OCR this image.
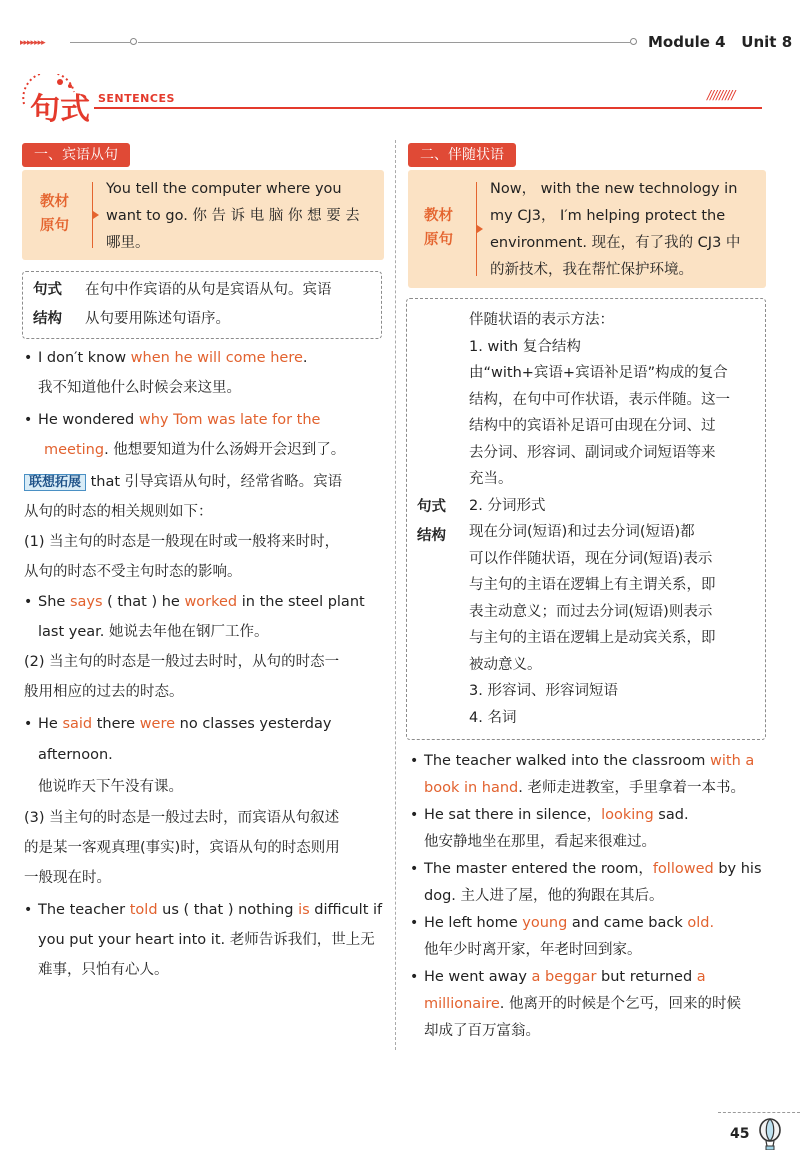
▸▸▸▸▸▸▸	Module 4 Unit 8
句式 SENTENCES	/////////
一、宾语从句
教材
原句
You tell the computer where you
want to go. 你 告 诉 电 脑 你 想 要 去
哪里。
句式
结构
在句中作宾语的从句是宾语从句。宾语
从句要用陈述句语序。
• I don′t know when he will come here.
我不知道他什么时候会来这里。
• He wondered why Tom was late for the
meeting. 他想要知道为什么汤姆开会迟到了。
联想拓展 that 引导宾语从句时，经常省略。宾语
从句的时态的相关规则如下：
(1) 当主句的时态是一般现在时或一般将来时时，
从句的时态不受主句时态的影响。
• She says ( that ) he worked in the steel plant
last year. 她说去年他在钢厂工作。
(2) 当主句的时态是一般过去时时，从句的时态一
般用相应的过去的时态。
• He said there were no classes yesterday
afternoon.
他说昨天下午没有课。
(3) 当主句的时态是一般过去时，而宾语从句叙述
的是某一客观真理(事实)时，宾语从句的时态则用
一般现在时。
• The teacher told us ( that ) nothing is difficult if
you put your heart into it. 老师告诉我们，世上无
难事，只怕有心人。
二、伴随状语
教材
原句
Now， with the new technology in
my CJ3， I′m helping protect the
environment. 现在，有了我的 CJ3 中
的新技术，我在帮忙保护环境。
句式
结构
伴随状语的表示方法：
1. with 复合结构
由“with+宾语+宾语补足语”构成的复合
结构，在句中可作状语，表示伴随。这一
结构中的宾语补足语可由现在分词、过
去分词、形容词、副词或介词短语等来
充当。
2. 分词形式
现在分词(短语)和过去分词(短语)都
可以作伴随状语，现在分词(短语)表示
与主句的主语在逻辑上有主谓关系，即
表主动意义；而过去分词(短语)则表示
与主句的主语在逻辑上是动宾关系，即
被动意义。
3. 形容词、形容词短语
4. 名词
• The teacher walked into the classroom with a
book in hand. 老师走进教室，手里拿着一本书。
• He sat there in silence，looking sad.
他安静地坐在那里，看起来很难过。
• The master entered the room，followed by his
dog. 主人进了屋，他的狗跟在其后。
• He left home young and came back old.
他年少时离开家，年老时回到家。
• He went away a beggar but returned a
millionaire. 他离开的时候是个乞丐，回来的时候
却成了百万富翁。
45
